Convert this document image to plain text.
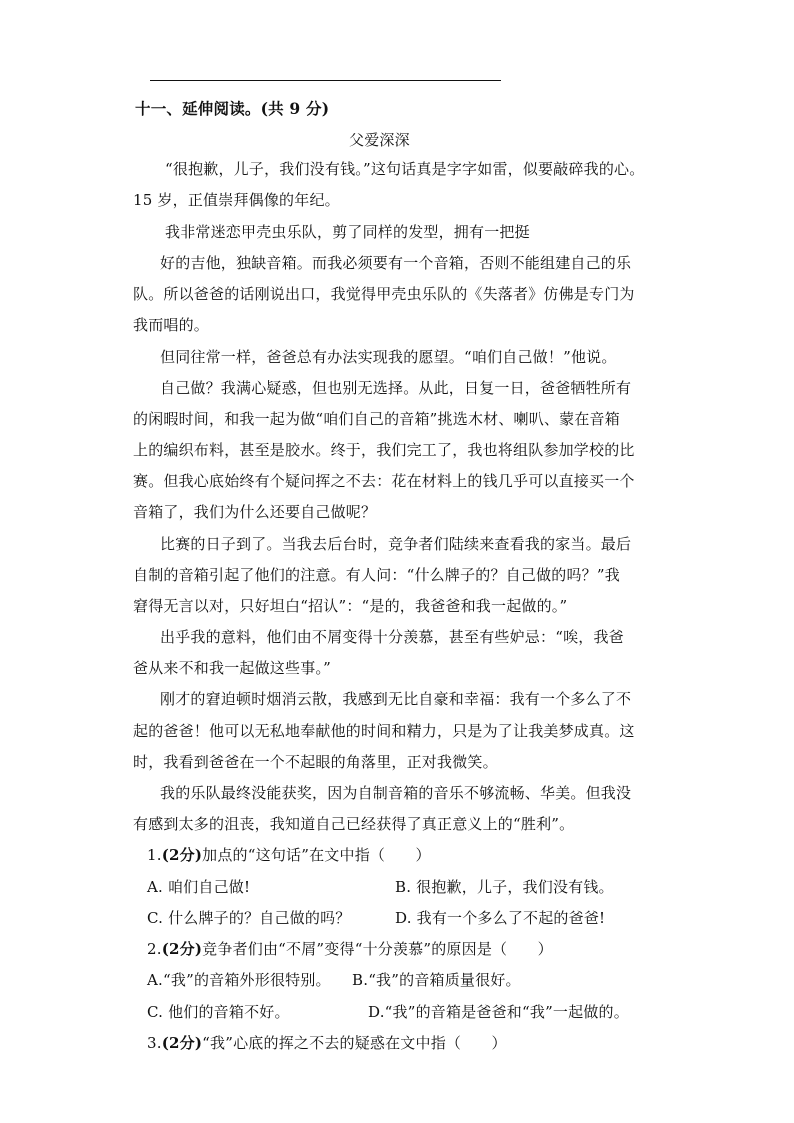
十一、延伸阅读。(共 9 分)
父爱深深
“很抱歉，儿子，我们没有钱。”这句话真是字字如雷，似要敲碎我的心。
15 岁，正值崇拜偶像的年纪。
我非常迷恋甲壳虫乐队，剪了同样的发型，拥有一把挺
好的吉他，独缺音箱。而我必须要有一个音箱，否则不能组建自己的乐
队。所以爸爸的话刚说出口，我觉得甲壳虫乐队的《失落者》仿佛是专门为
我而唱的。
但同往常一样，爸爸总有办法实现我的愿望。“咱们自己做！”他说。
自己做？我满心疑惑，但也别无选择。从此，日复一日，爸爸牺牲所有
的闲暇时间，和我一起为做“咱们自己的音箱”挑选木材、喇叭、蒙在音箱
上的编织布料，甚至是胶水。终于，我们完工了，我也将组队参加学校的比
赛。但我心底始终有个疑问挥之不去：花在材料上的钱几乎可以直接买一个
音箱了，我们为什么还要自己做呢？
比赛的日子到了。当我去后台时，竞争者们陆续来查看我的家当。最后
自制的音箱引起了他们的注意。有人问：“什么牌子的？自己做的吗？”我
窘得无言以对，只好坦白“招认”：“是的，我爸爸和我一起做的。”
出乎我的意料，他们由不屑变得十分羡慕，甚至有些妒忌：“唉，我爸
爸从来不和我一起做这些事。”
刚才的窘迫顿时烟消云散，我感到无比自豪和幸福：我有一个多么了不
起的爸爸！他可以无私地奉献他的时间和精力，只是为了让我美梦成真。这
时，我看到爸爸在一个不起眼的角落里，正对我微笑。
我的乐队最终没能获奖，因为自制音箱的音乐不够流畅、华美。但我没
有感到太多的沮丧，我知道自己已经获得了真正意义上的“胜利”。
1.(2分)加点的“这句话”在文中指（　　）
A. 咱们自己做!	B. 很抱歉，儿子，我们没有钱。
C. 什么牌子的？自己做的吗？	D. 我有一个多么了不起的爸爸!
2.(2分)竞争者们由“不屑”变得“十分羡慕”的原因是（　　）
A.“我”的音箱外形很特别。 B.“我”的音箱质量很好。
C. 他们的音箱不好。	D.“我”的音箱是爸爸和“我”一起做的。
3.(2分)“我”心底的挥之不去的疑惑在文中指（　　）
